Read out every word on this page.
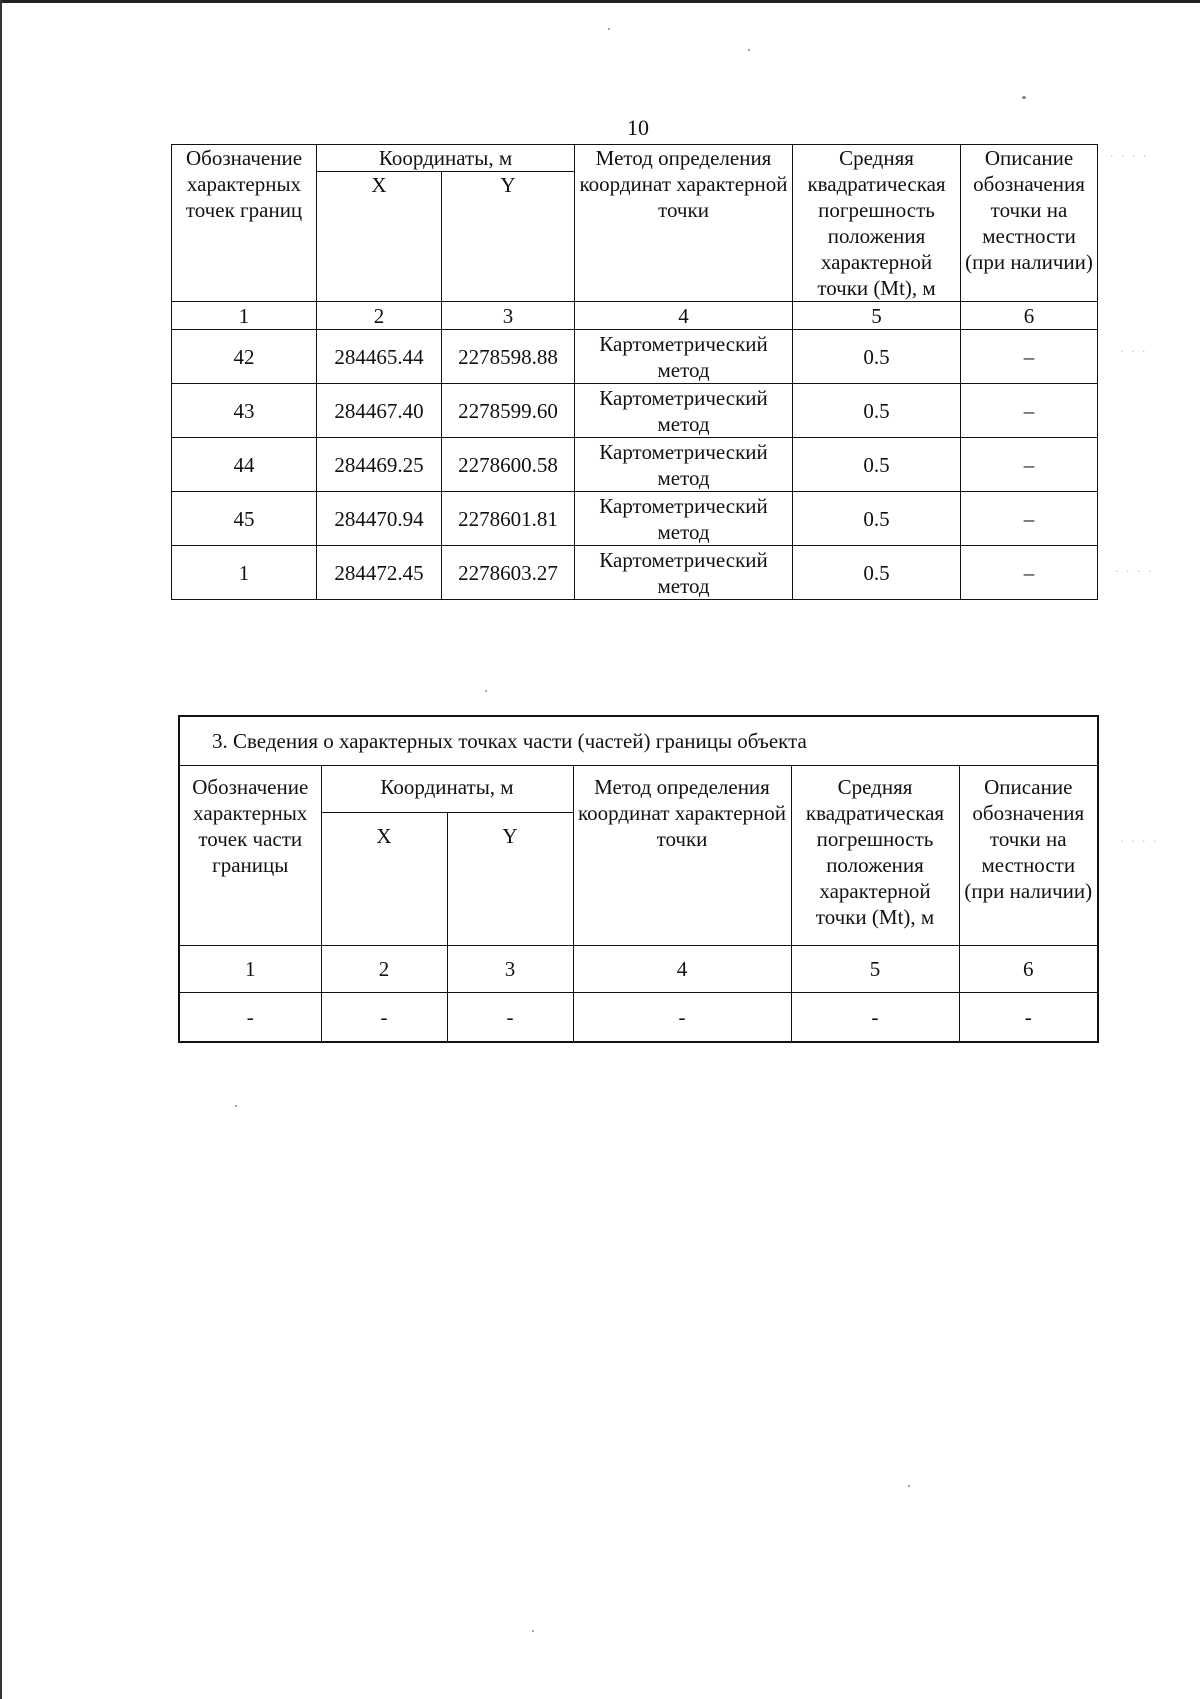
10
Обозначение характерных точек границ	Координаты, м		Метод определения координат характерной точки	Средняя квадратическая погрешность положения характерной точки (Mt), м	Описание обозначения точки на местности (при наличии)
	X	Y			
1	2	3	4	5	6
42	284465.44	2278598.88	Картометрический метод	0.5	–
43	284467.40	2278599.60	Картометрический метод	0.5	–
44	284469.25	2278600.58	Картометрический метод	0.5	–
45	284470.94	2278601.81	Картометрический метод	0.5	–
1	284472.45	2278603.27	Картометрический метод	0.5	–
3. Сведения о характерных точках части (частей) границы объекта					
Обозначение характерных точек части границы	Координаты, м		Метод определения координат характерной точки	Средняя квадратическая погрешность положения характерной точки (Mt), м	Описание обозначения точки на местности (при наличии)
	X	Y			
1	2	3	4	5	6
-	-	-	-	-	-
· · · ·
· · ·
· · · ·
· · · ·
